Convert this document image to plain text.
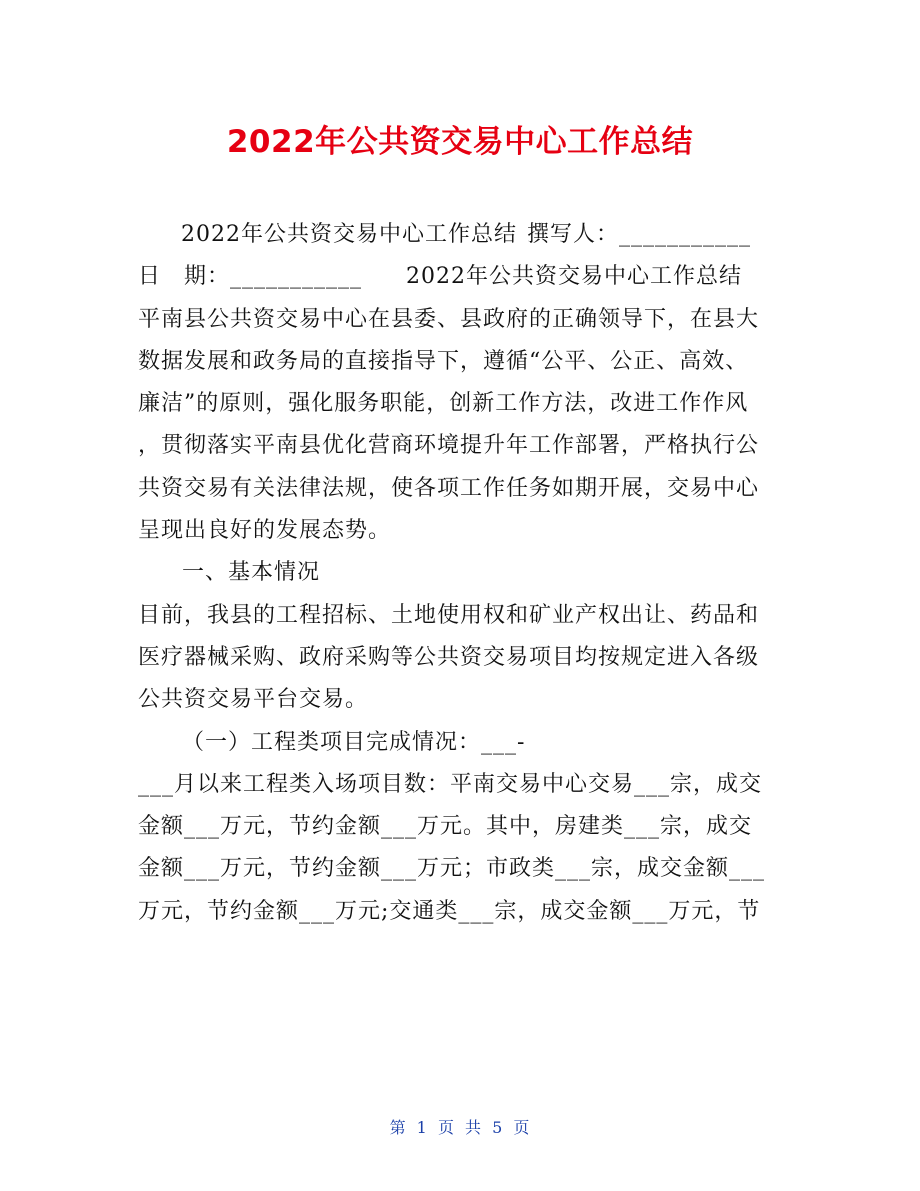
2022年公共资交易中心工作总结
2022年公共资交易中心工作总结 撰写人：___________
日　期：___________ 2022年公共资交易中心工作总结
平南县公共资交易中心在县委、县政府的正确领导下，在县大
数据发展和政务局的直接指导下，遵循“公平、公正、高效、
廉洁”的原则，强化服务职能，创新工作方法，改进工作作风
，贯彻落实平南县优化营商环境提升年工作部署，严格执行公
共资交易有关法律法规，使各项工作任务如期开展，交易中心
呈现出良好的发展态势。
一、基本情况
目前，我县的工程招标、土地使用权和矿业产权出让、药品和
医疗器械采购、政府采购等公共资交易项目均按规定进入各级
公共资交易平台交易。
（一）工程类项目完成情况：___-
___月以来工程类入场项目数：平南交易中心交易___宗，成交
金额___万元，节约金额___万元。其中，房建类___宗，成交
金额___万元，节约金额___万元；市政类___宗，成交金额___
万元，节约金额___万元;交通类___宗，成交金额___万元，节
第 1 页 共 5 页
